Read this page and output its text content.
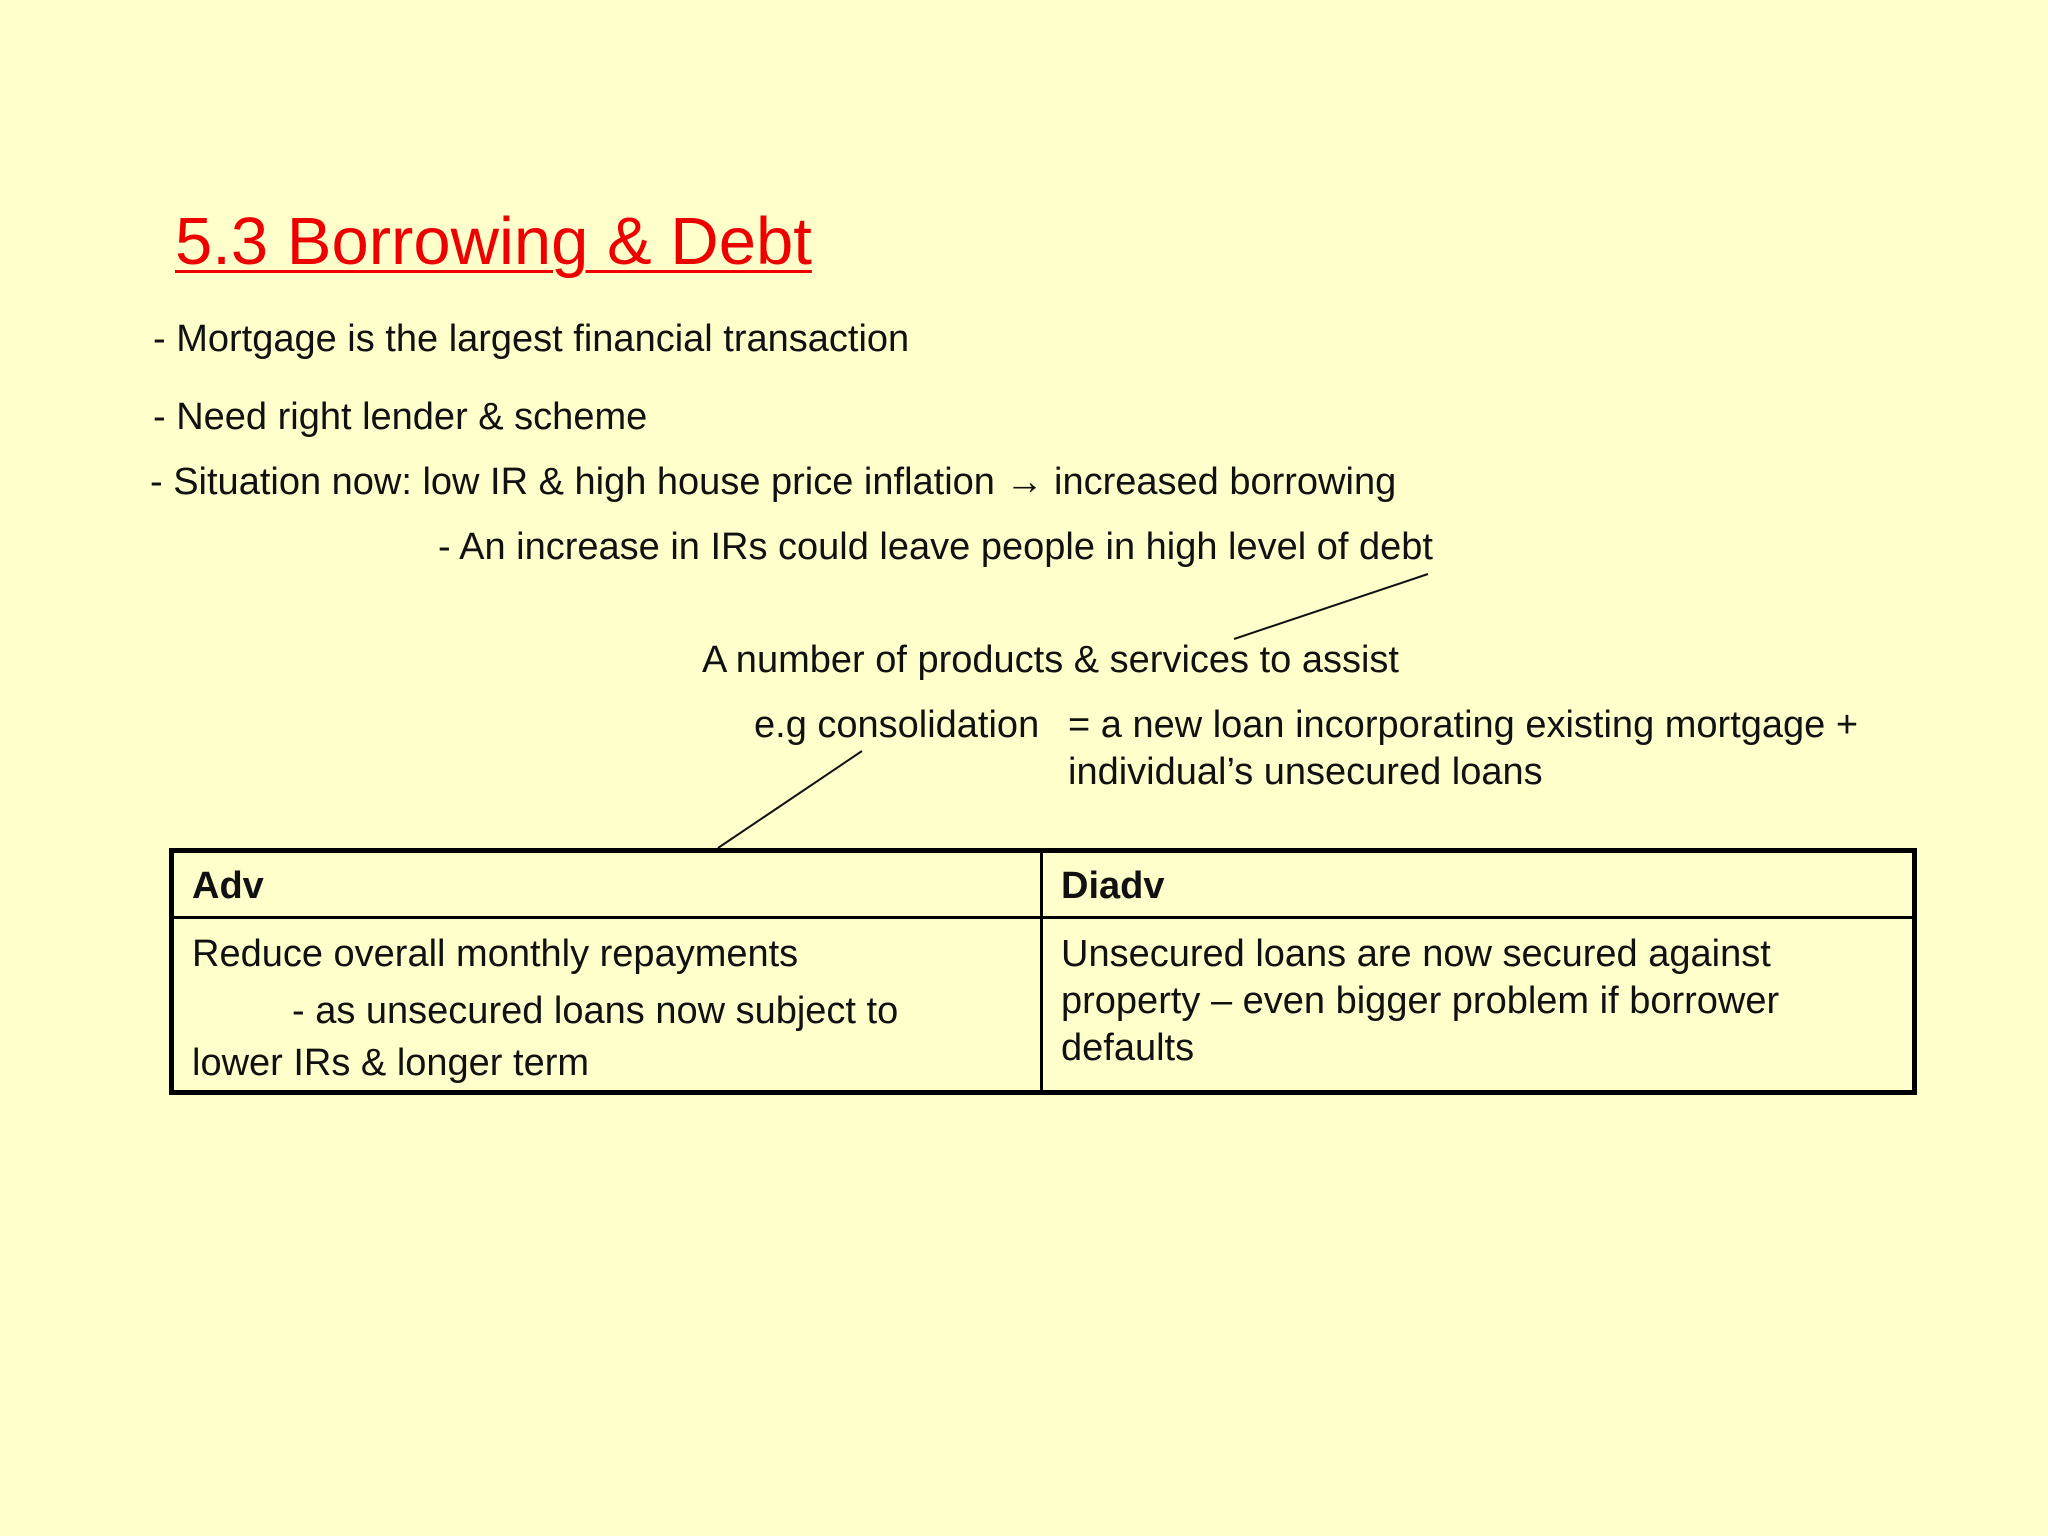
5.3 Borrowing & Debt
- Mortgage is the largest financial transaction
- Need right lender & scheme
- Situation now: low IR & high house price inflation → increased borrowing
- An increase in IRs could leave people in high level of debt
A number of products & services to assist
e.g consolidation = a new loan incorporating existing mortgage +
individual’s unsecured loans
Adv	Diadv

Reduce overall monthly repayments
- as unsecured loans now subject to
lower IRs & longer term	Unsecured loans are now secured against
property – even bigger problem if borrower
defaults
